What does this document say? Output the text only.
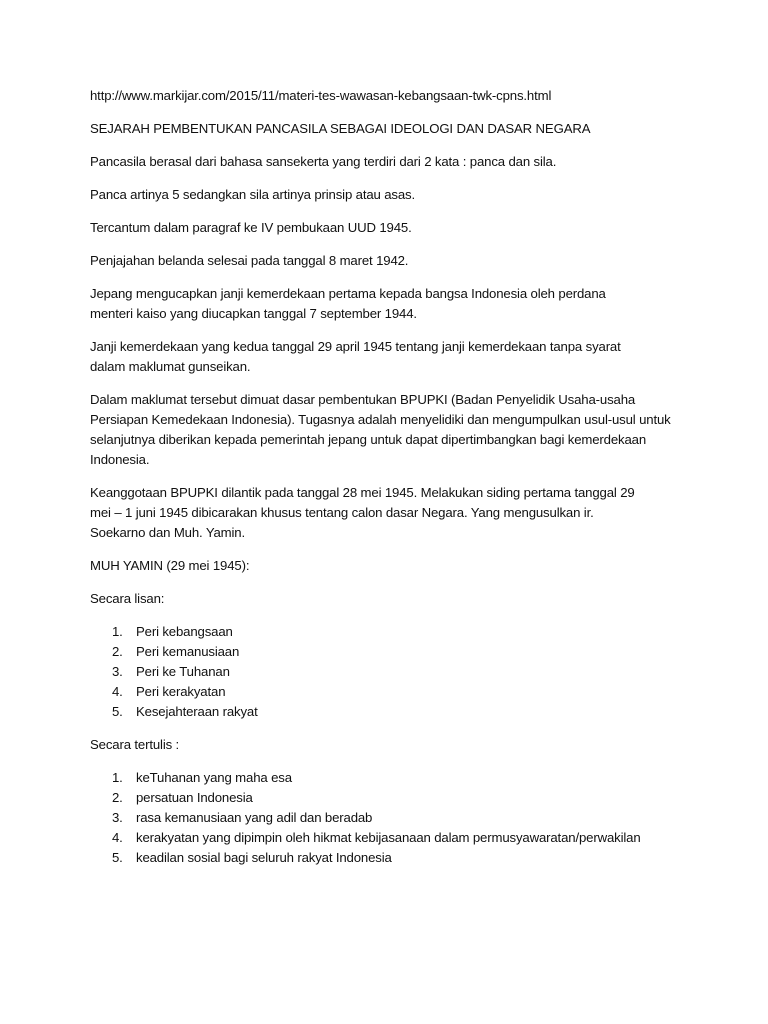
http://www.markijar.com/2015/11/materi-tes-wawasan-kebangsaan-twk-cpns.html

SEJARAH PEMBENTUKAN PANCASILA SEBAGAI IDEOLOGI DAN DASAR NEGARA

Pancasila berasal dari bahasa sansekerta yang terdiri dari 2 kata : panca dan sila.

Panca artinya 5 sedangkan sila artinya prinsip atau asas.

Tercantum dalam paragraf ke IV pembukaan UUD 1945.

Penjajahan belanda selesai pada tanggal 8 maret 1942.

Jepang mengucapkan janji kemerdekaan pertama kepada bangsa Indonesia oleh perdana menteri kaiso yang diucapkan tanggal 7 september 1944.

Janji kemerdekaan yang kedua tanggal 29 april 1945 tentang janji kemerdekaan tanpa syarat dalam maklumat gunseikan.

Dalam maklumat tersebut dimuat dasar pembentukan BPUPKI (Badan Penyelidik Usaha-usaha Persiapan Kemedekaan Indonesia). Tugasnya adalah menyelidiki dan mengumpulkan usul-usul untuk selanjutnya diberikan kepada pemerintah jepang untuk dapat dipertimbangkan bagi kemerdekaan Indonesia.

Keanggotaan BPUPKI dilantik pada tanggal 28 mei 1945. Melakukan siding pertama tanggal 29 mei – 1 juni 1945 dibicarakan khusus tentang calon dasar Negara. Yang mengusulkan ir. Soekarno dan Muh. Yamin.

MUH YAMIN (29 mei 1945):

Secara lisan:

1.	Peri kebangsaan
2.	Peri kemanusiaan
3.	Peri ke Tuhanan
4.	Peri kerakyatan
5.	Kesejahteraan rakyat

Secara tertulis :

1.	keTuhanan yang maha esa
2.	persatuan Indonesia
3.	rasa kemanusiaan yang adil dan beradab
4.	kerakyatan yang dipimpin oleh hikmat kebijasanaan dalam permusyawaratan/perwakilan
5.	keadilan sosial bagi seluruh rakyat Indonesia
